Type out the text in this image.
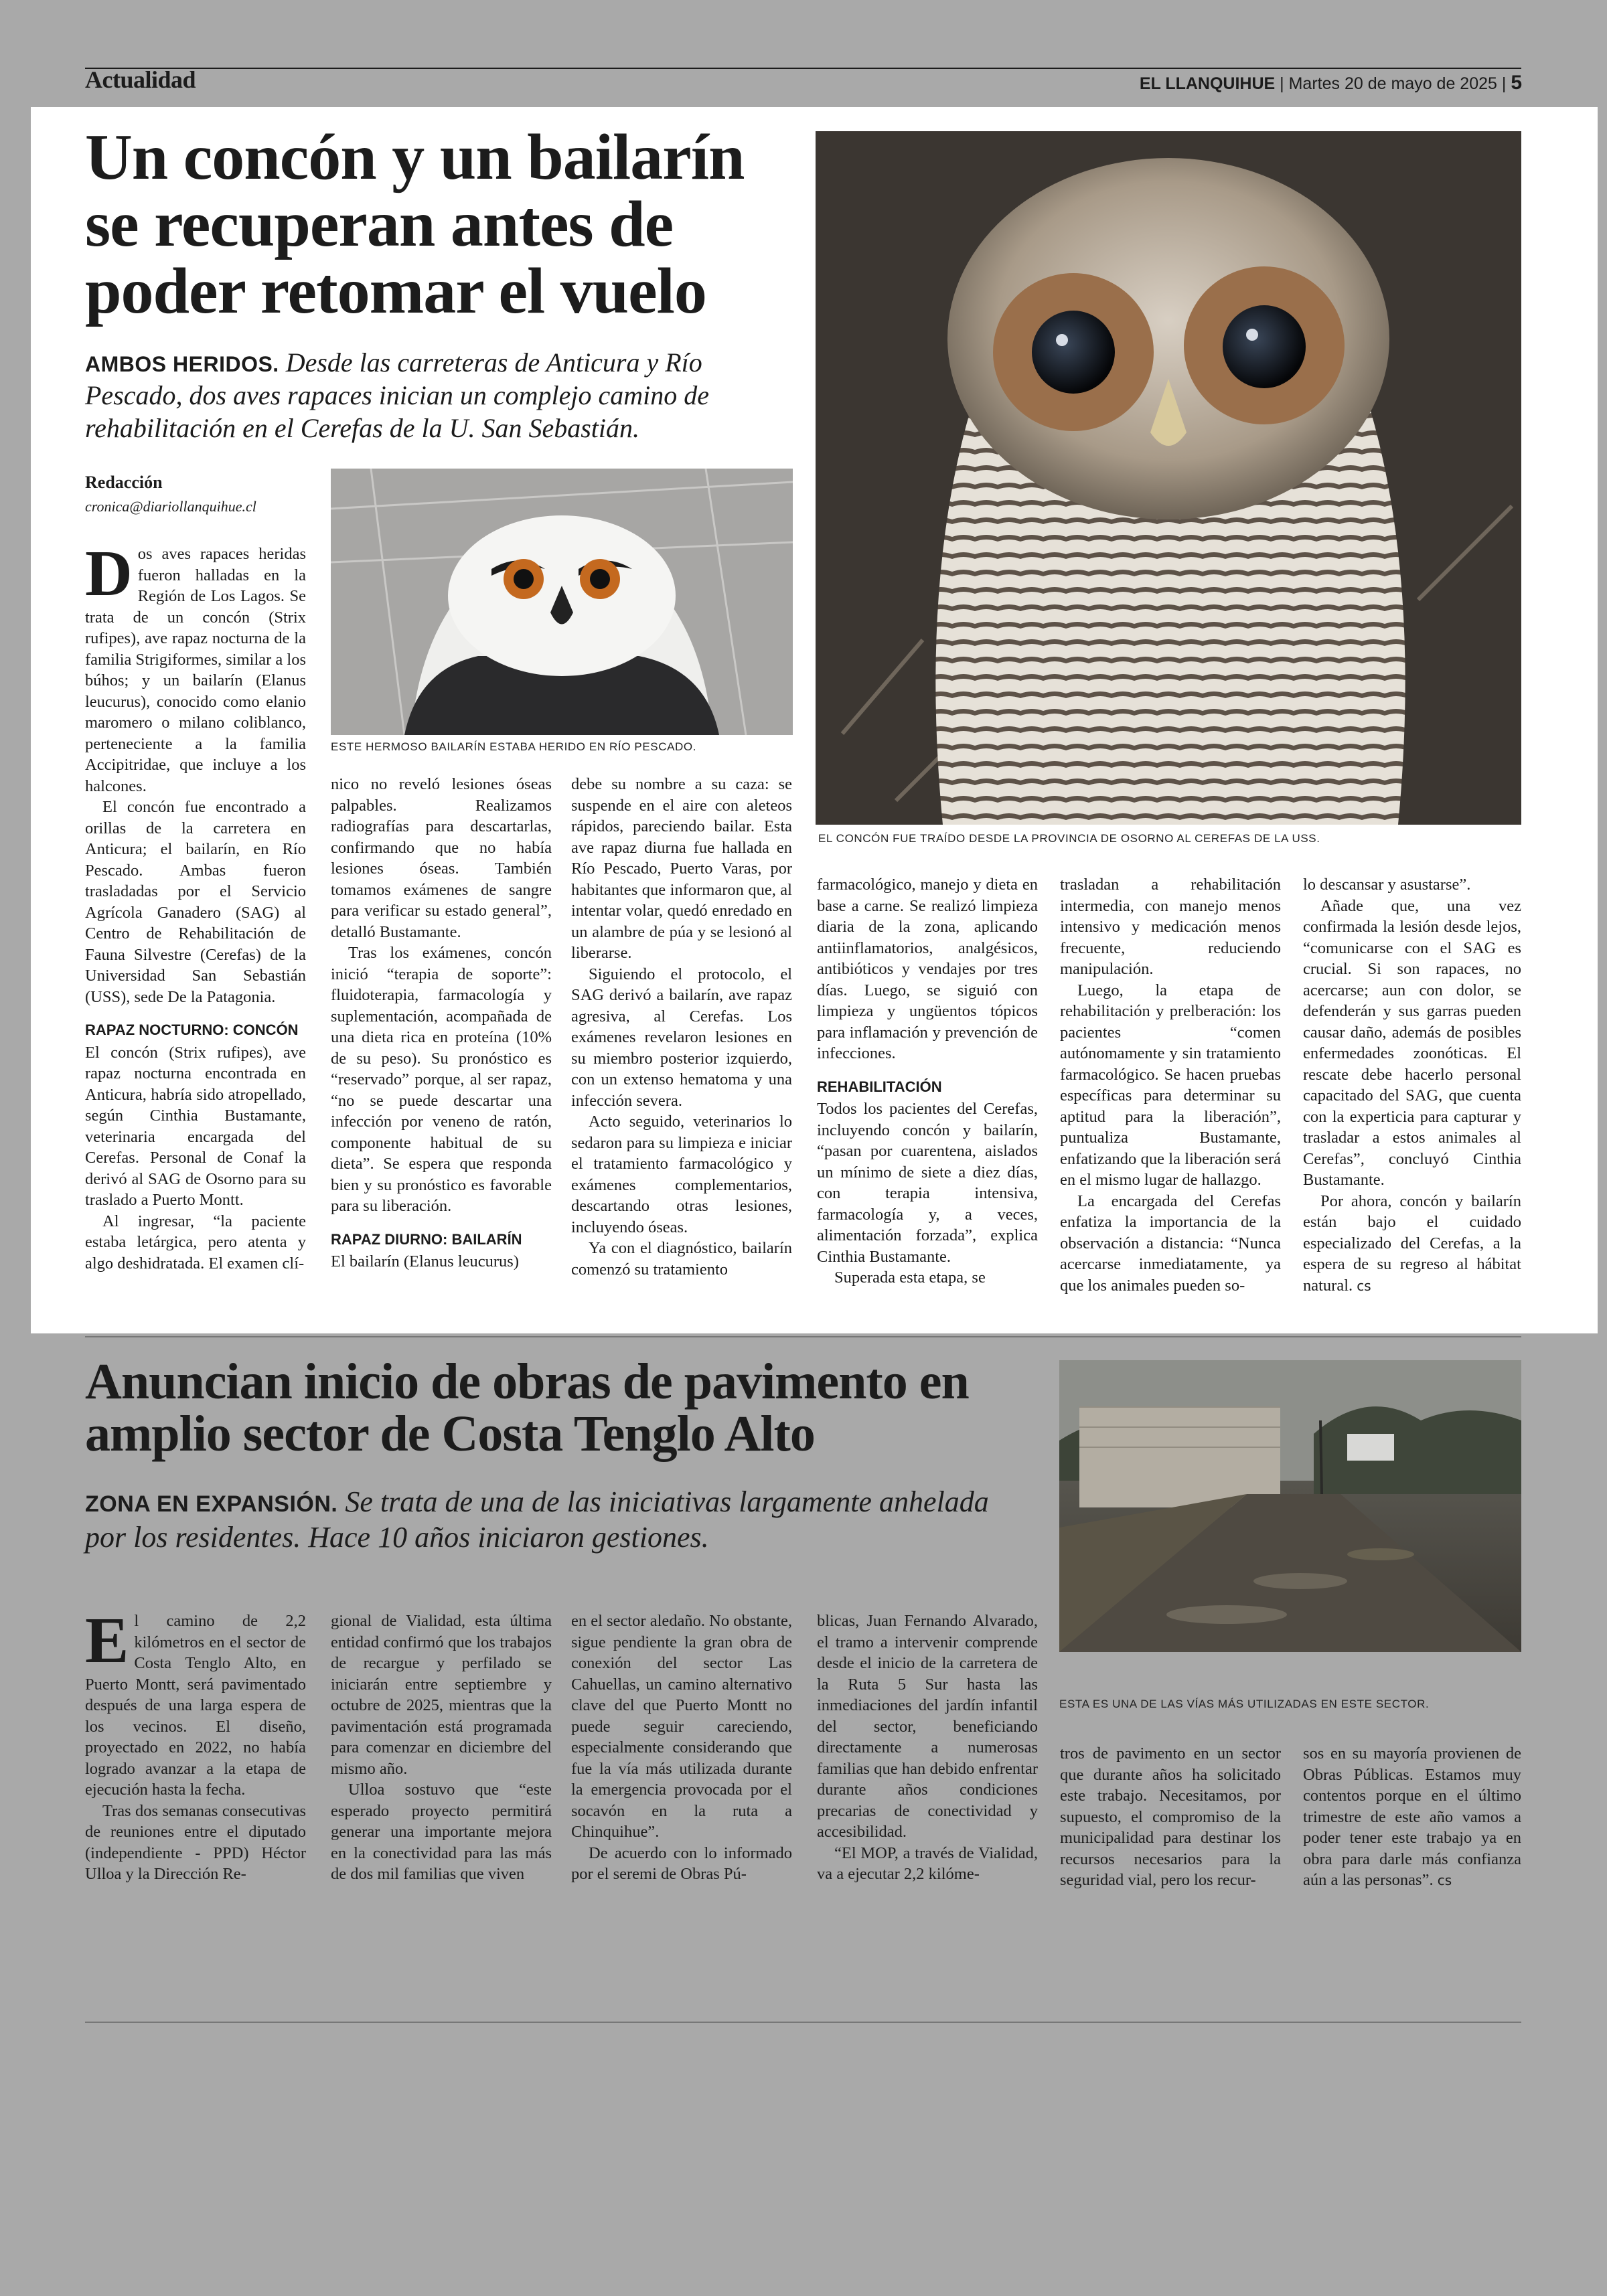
Actualidad	EL LLANQUIHUE | Martes 20 de mayo de 2025 | 5
Un concón y un bailarín se recuperan antes de poder retomar el vuelo
AMBOS HERIDOS. Desde las carreteras de Anticura y Río Pescado, dos aves rapaces inician un complejo camino de rehabilitación en el Cerefas de la U. San Sebastián.
Redacción
cronica@diariollanquihue.cl
EL CONCÓN FUE TRAÍDO DESDE LA PROVINCIA DE OSORNO AL CEREFAS DE LA USS.
ESTE HERMOSO BAILARÍN ESTABA HERIDO EN RÍO PESCADO.

Dos aves rapaces heridas fueron halladas en la Región de Los Lagos. Se trata de un concón (Strix rufipes), ave rapaz nocturna de la familia Strigiformes, similar a los búhos; y un bailarín (Elanus leucurus), conocido como elanio maromero o milano coliblanco, perteneciente a la familia Accipitridae, que incluye a los halcones.

El concón fue encontrado a orillas de la carretera en Anticura; el bailarín, en Río Pescado. Ambas fueron trasladadas por el Servicio Agrícola Ganadero (SAG) al Centro de Rehabilitación de Fauna Silvestre (Cerefas) de la Universidad San Sebastián (USS), sede De la Patagonia.

RAPAZ NOCTURNO: CONCÓN

El concón (Strix rufipes), ave rapaz nocturna encontrada en Anticura, habría sido atropellado, según Cinthia Bustamante, veterinaria encargada del Cerefas. Personal de Conaf la derivó al SAG de Osorno para su traslado a Puerto Montt.

Al ingresar, “la paciente estaba letárgica, pero atenta y algo deshidratada. El examen clí-

nico no reveló lesiones óseas palpables. Realizamos radiografías para descartarlas, confirmando que no había lesiones óseas. También tomamos exámenes de sangre para verificar su estado general”, detalló Bustamante.

Tras los exámenes, concón inició “terapia de soporte”: fluidoterapia, farmacología y suplementación, acompañada de una dieta rica en proteína (10% de su peso). Su pronóstico es “reservado” porque, al ser rapaz, “no se puede descartar una infección por veneno de ratón, componente habitual de su dieta”. Se espera que responda bien y su pronóstico es favorable para su liberación.

RAPAZ DIURNO: BAILARÍN

El bailarín (Elanus leucurus)

debe su nombre a su caza: se suspende en el aire con aleteos rápidos, pareciendo bailar. Esta ave rapaz diurna fue hallada en Río Pescado, Puerto Varas, por habitantes que informaron que, al intentar volar, quedó enredado en un alambre de púa y se lesionó al liberarse.

Siguiendo el protocolo, el SAG derivó a bailarín, ave rapaz agresiva, al Cerefas. Los exámenes revelaron lesiones en su miembro posterior izquierdo, con un extenso hematoma y una infección severa.

Acto seguido, veterinarios lo sedaron para su limpieza e iniciar el tratamiento farmacológico y exámenes complementarios, descartando otras lesiones, incluyendo óseas.

Ya con el diagnóstico, bailarín comenzó su tratamiento

farmacológico, manejo y dieta en base a carne. Se realizó limpieza diaria de la zona, aplicando antiinflamatorios, analgésicos, antibióticos y vendajes por tres días. Luego, se siguió con limpieza y ungüentos tópicos para inflamación y prevención de infecciones.

REHABILITACIÓN

Todos los pacientes del Cerefas, incluyendo concón y bailarín, “pasan por cuarentena, aislados un mínimo de siete a diez días, con terapia intensiva, farmacología y, a veces, alimentación forzada”, explica Cinthia Bustamante.

Superada esta etapa, se

trasladan a rehabilitación intermedia, con manejo menos intensivo y medicación menos frecuente, reduciendo manipulación.

Luego, la etapa de rehabilitación y prelberación: los pacientes “comen autónomamente y sin tratamiento farmacológico. Se hacen pruebas específicas para determinar su aptitud para la liberación”, puntualiza Bustamante, enfatizando que la liberación será en el mismo lugar de hallazgo.

La encargada del Cerefas enfatiza la importancia de la observación a distancia: “Nunca acercarse inmediatamente, ya que los animales pueden so-

lo descansar y asustarse”.

Añade que, una vez confirmada la lesión desde lejos, “comunicarse con el SAG es crucial. Si son rapaces, no acercarse; aun con dolor, se defenderán y sus garras pueden causar daño, además de posibles enfermedades zoonóticas. El rescate debe hacerlo personal capacitado del SAG, que cuenta con la experticia para capturar y trasladar a estos animales al Cerefas”, concluyó Cinthia Bustamante.

Por ahora, concón y bailarín están bajo el cuidado especializado del Cerefas, a la espera de su regreso al hábitat natural. cs

Anuncian inicio de obras de pavimento en amplio sector de Costa Tenglo Alto
ZONA EN EXPANSIÓN. Se trata de una de las iniciativas largamente anhelada por los residentes. Hace 10 años iniciaron gestiones.
ESTA ES UNA DE LAS VÍAS MÁS UTILIZADAS EN ESTE SECTOR.

El camino de 2,2 kilómetros en el sector de Costa Tenglo Alto, en Puerto Montt, será pavimentado después de una larga espera de los vecinos. El diseño, proyectado en 2022, no había logrado avanzar a la etapa de ejecución hasta la fecha.

Tras dos semanas consecutivas de reuniones entre el diputado (independiente - PPD) Héctor Ulloa y la Dirección Re-

gional de Vialidad, esta última entidad confirmó que los trabajos de recargue y perfilado se iniciarán entre septiembre y octubre de 2025, mientras que la pavimentación está programada para comenzar en diciembre del mismo año.

Ulloa sostuvo que “este esperado proyecto permitirá generar una importante mejora en la conectividad para las más de dos mil familias que viven

en el sector aledaño. No obstante, sigue pendiente la gran obra de conexión del sector Las Cahuellas, un camino alternativo clave del que Puerto Montt no puede seguir careciendo, especialmente considerando que fue la vía más utilizada durante la emergencia provocada por el socavón en la ruta a Chinquihue”.

De acuerdo con lo informado por el seremi de Obras Pú-

blicas, Juan Fernando Alvarado, el tramo a intervenir comprende desde el inicio de la carretera de la Ruta 5 Sur hasta las inmediaciones del jardín infantil del sector, beneficiando directamente a numerosas familias que han debido enfrentar durante años condiciones precarias de conectividad y accesibilidad.

“El MOP, a través de Vialidad, va a ejecutar 2,2 kilóme-

tros de pavimento en un sector que durante años ha solicitado este trabajo. Necesitamos, por supuesto, el compromiso de la municipalidad para destinar los recursos necesarios para la seguridad vial, pero los recur-

sos en su mayoría provienen de Obras Públicas. Estamos muy contentos porque en el último trimestre de este año vamos a poder tener este trabajo ya en obra para darle más confianza aún a las personas”. cs
